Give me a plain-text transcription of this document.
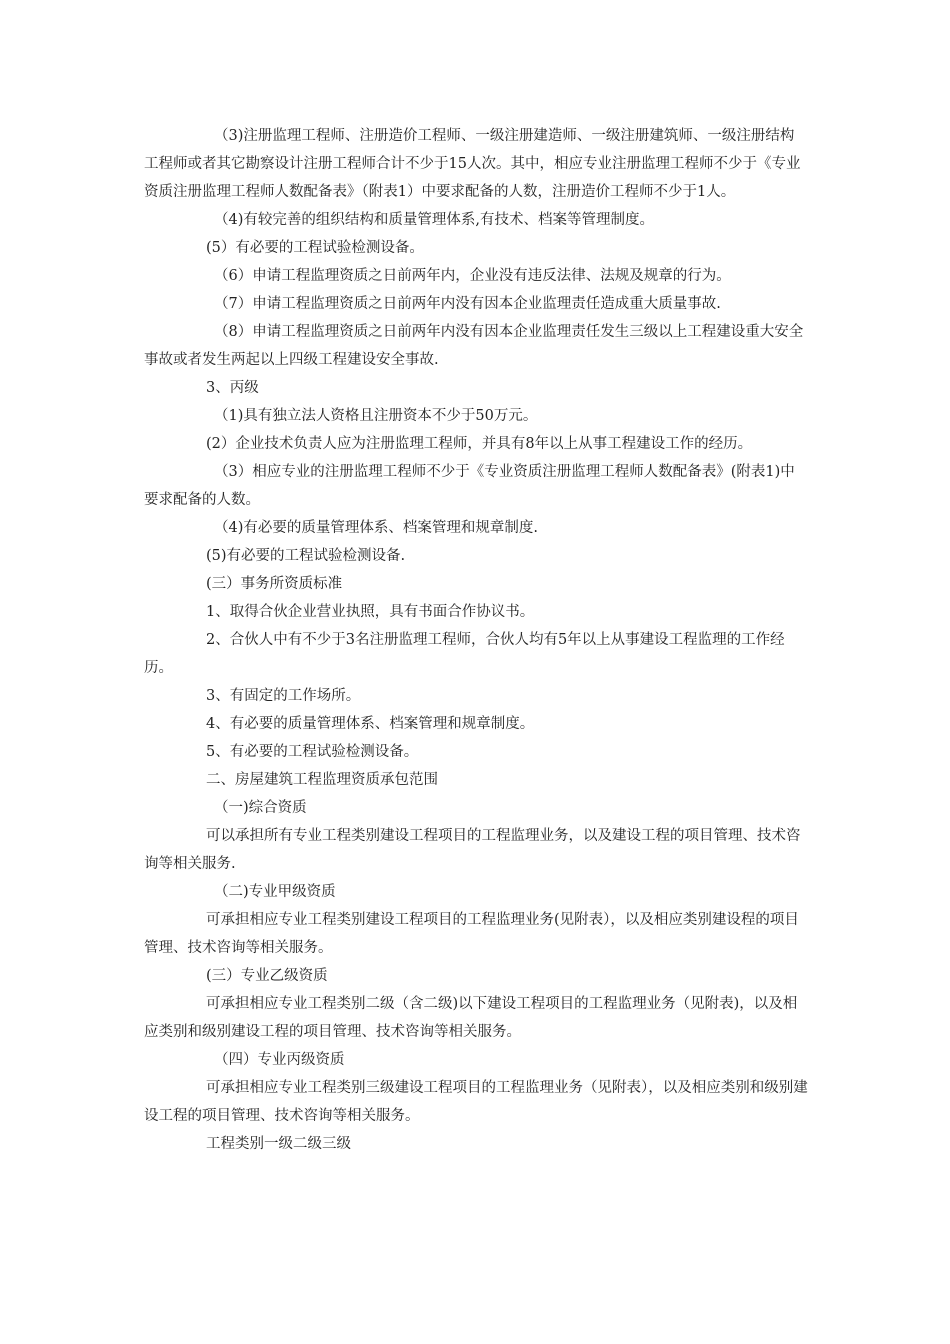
（3)注册监理工程师、注册造价工程师、一级注册建造师、一级注册建筑师、一级注册结构工程师或者其它勘察设计注册工程师合计不少于15人次。其中，相应专业注册监理工程师不少于《专业资质注册监理工程师人数配备表》（附表1）中要求配备的人数，注册造价工程师不少于1人。

（4)有较完善的组织结构和质量管理体系,有技术、档案等管理制度。

(5）有必要的工程试验检测设备。

（6）申请工程监理资质之日前两年内，企业没有违反法律、法规及规章的行为。

（7）申请工程监理资质之日前两年内没有因本企业监理责任造成重大质量事故.

（8）申请工程监理资质之日前两年内没有因本企业监理责任发生三级以上工程建设重大安全事故或者发生两起以上四级工程建设安全事故.

3、丙级

（1)具有独立法人资格且注册资本不少于50万元。

(2）企业技术负责人应为注册监理工程师，并具有8年以上从事工程建设工作的经历。

（3）相应专业的注册监理工程师不少于《专业资质注册监理工程师人数配备表》(附表1)中要求配备的人数。

（4)有必要的质量管理体系、档案管理和规章制度.

(5)有必要的工程试验检测设备.

(三）事务所资质标准

1、取得合伙企业营业执照，具有书面合作协议书。

2、合伙人中有不少于3名注册监理工程师，合伙人均有5年以上从事建设工程监理的工作经历。

3、有固定的工作场所。

4、有必要的质量管理体系、档案管理和规章制度。

5、有必要的工程试验检测设备。

二、房屋建筑工程监理资质承包范围

（一)综合资质

可以承担所有专业工程类别建设工程项目的工程监理业务，以及建设工程的项目管理、技术咨询等相关服务.

（二)专业甲级资质

可承担相应专业工程类别建设工程项目的工程监理业务(见附表），以及相应类别建设程的项目管理、技术咨询等相关服务。

(三）专业乙级资质

可承担相应专业工程类别二级（含二级)以下建设工程项目的工程监理业务（见附表)，以及相应类别和级别建设工程的项目管理、技术咨询等相关服务。

（四）专业丙级资质

可承担相应专业工程类别三级建设工程项目的工程监理业务（见附表），以及相应类别和级别建设工程的项目管理、技术咨询等相关服务。

工程类别一级二级三级
